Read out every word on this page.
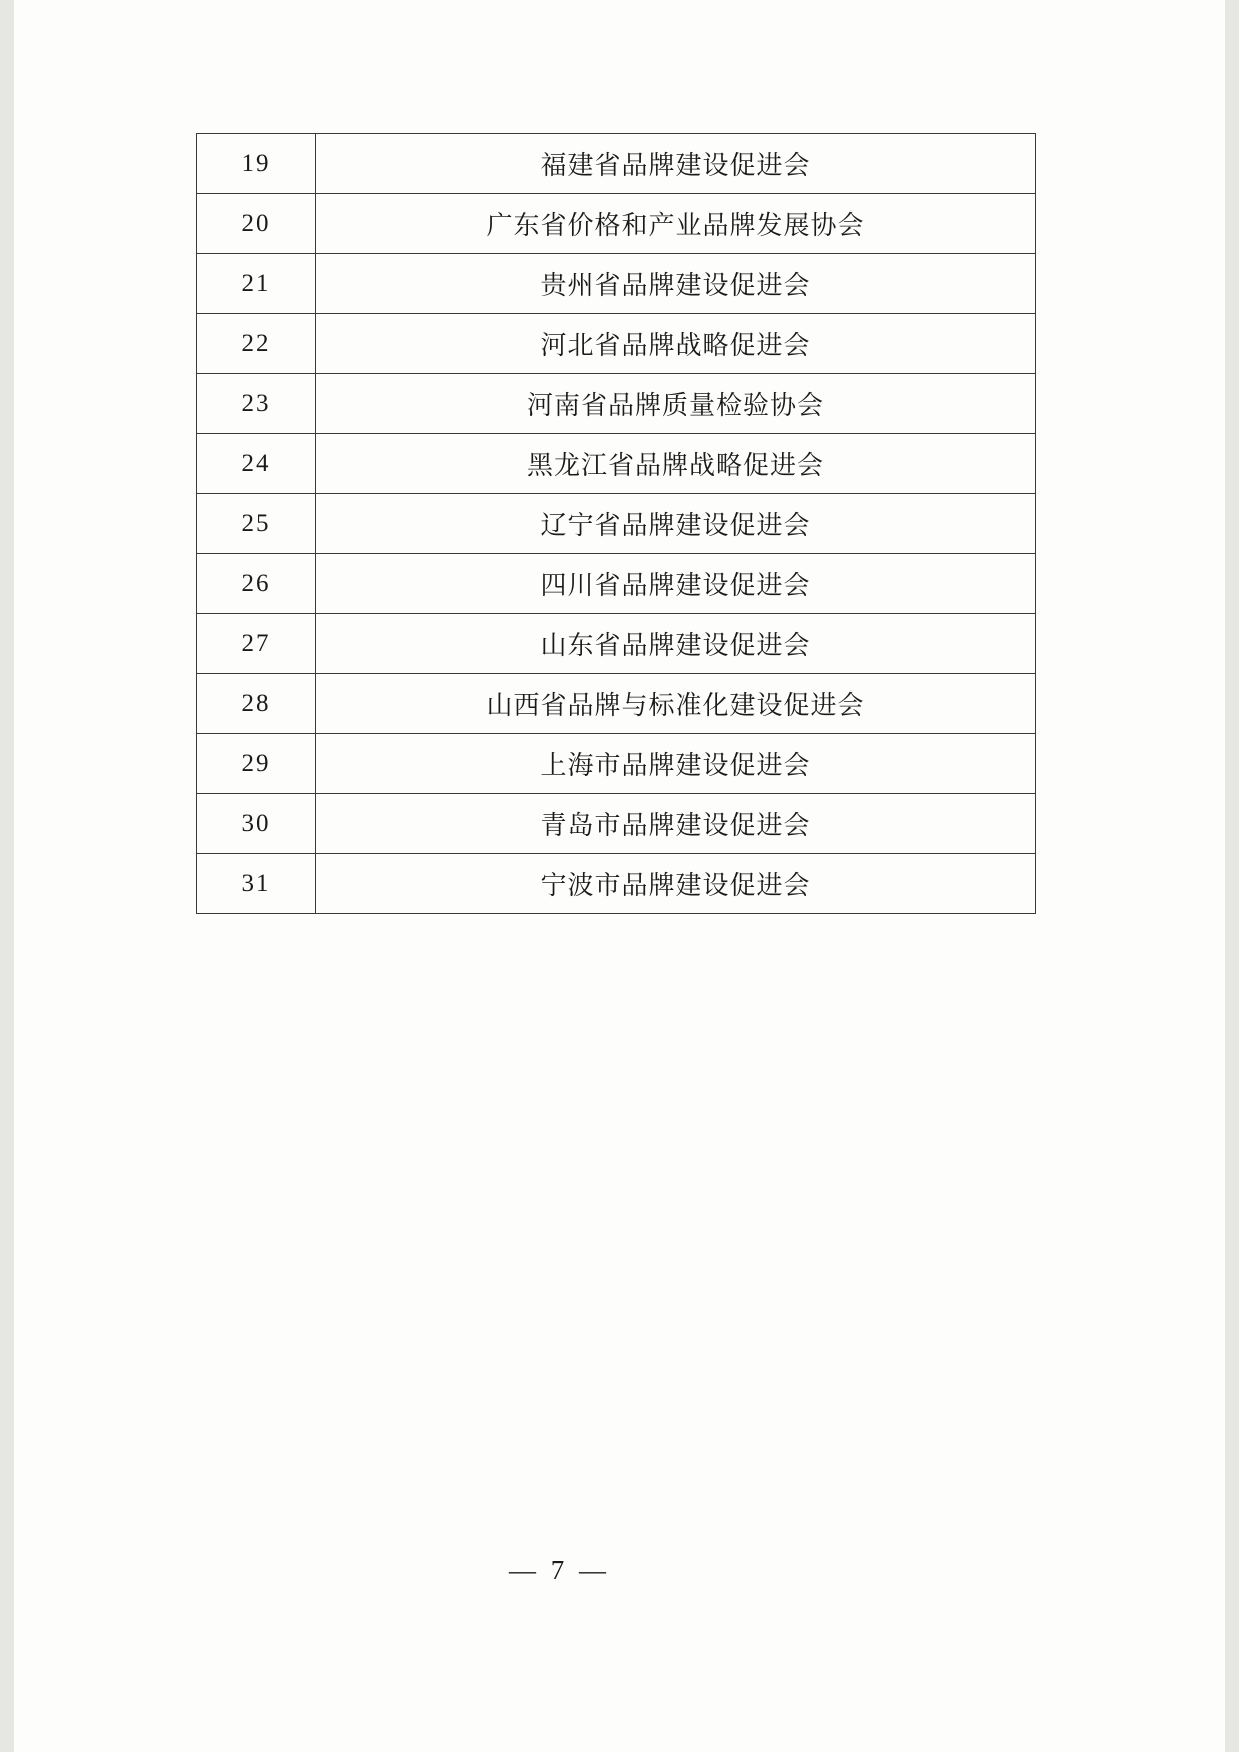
19	福建省品牌建设促进会
20	广东省价格和产业品牌发展协会
21	贵州省品牌建设促进会
22	河北省品牌战略促进会
23	河南省品牌质量检验协会
24	黑龙江省品牌战略促进会
25	辽宁省品牌建设促进会
26	四川省品牌建设促进会
27	山东省品牌建设促进会
28	山西省品牌与标准化建设促进会
29	上海市品牌建设促进会
30	青岛市品牌建设促进会
31	宁波市品牌建设促进会
— 7 —
